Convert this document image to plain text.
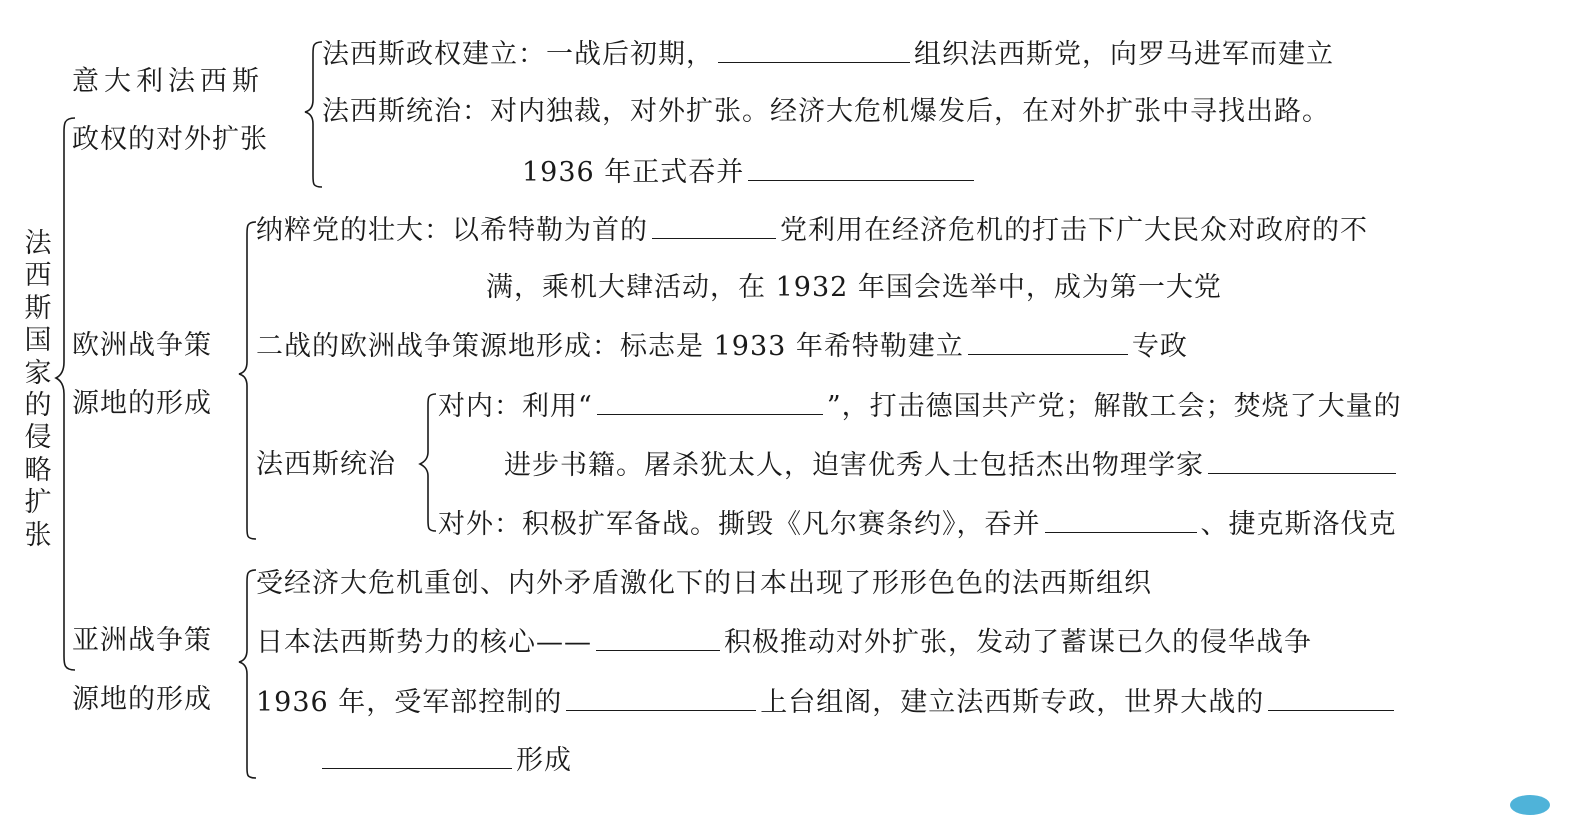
法西斯国家的侵略扩张
意大利法西斯
政权的对外扩张
法西斯政权建立：一战后初期，	组织法西斯党，向罗马进军而建立
法西斯统治：对内独裁，对外扩张。经济大危机爆发后，在对外扩张中寻找出路。
1936 年正式吞并
欧洲战争策
源地的形成
纳粹党的壮大：以希特勒为首的	党利用在经济危机的打击下广大民众对政府的不
满，乘机大肆活动，在 1932 年国会选举中，成为第一大党
二战的欧洲战争策源地形成：标志是 1933 年希特勒建立	专政
法西斯统治
对内：利用“	”，打击德国共产党；解散工会；焚烧了大量的
进步书籍。屠杀犹太人，迫害优秀人士包括杰出物理学家
对外：积极扩军备战。撕毁《凡尔赛条约》，吞并	、捷克斯洛伐克
亚洲战争策
源地的形成
受经济大危机重创、内外矛盾激化下的日本出现了形形色色的法西斯组织
日本法西斯势力的核心——	积极推动对外扩张，发动了蓄谋已久的侵华战争
1936 年，受军部控制的	上台组阁，建立法西斯专政，世界大战的
形成
